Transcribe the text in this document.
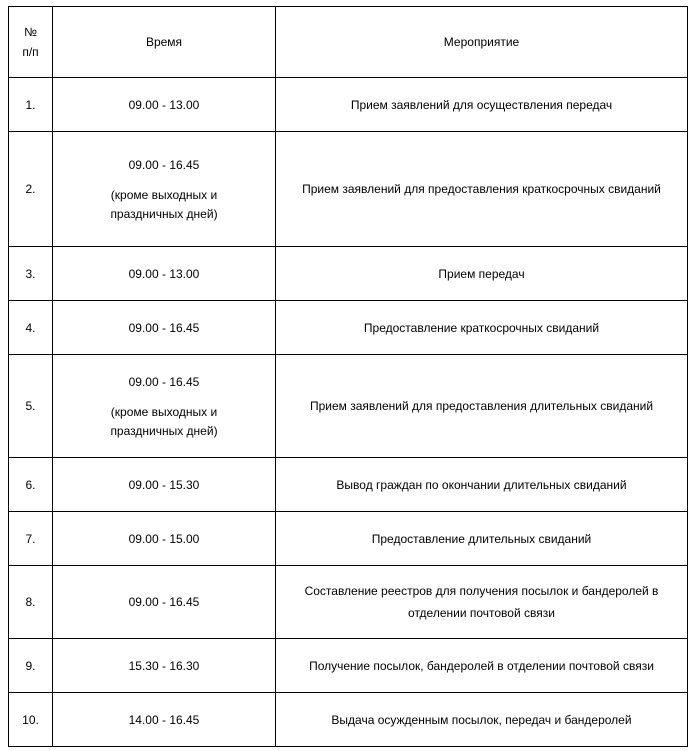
№ п/п	Время	Мероприятие
1.	09.00 - 13.00	Прием заявлений для осуществления передач

2.	09.00 - 16.45
(кроме выходных и
праздничных дней)	Прием заявлений для предоставления краткосрочных свиданий

3.	09.00 - 13.00	Прием передач

4.	09.00 - 16.45	Предоставление краткосрочных свиданий

5.	09.00 - 16.45
(кроме выходных и
праздничных дней)	Прием заявлений для предоставления длительных свиданий

6.	09.00 - 15.30	Вывод граждан по окончании длительных свиданий

7.	09.00 - 15.00	Предоставление длительных свиданий

8.	09.00 - 16.45	Составление реестров для получения посылок и бандеролей в отделении почтовой связи

9.	15.30 - 16.30	Получение посылок, бандеролей в отделении почтовой связи

10.	14.00 - 16.45	Выдача осужденным посылок, передач и бандеролей
